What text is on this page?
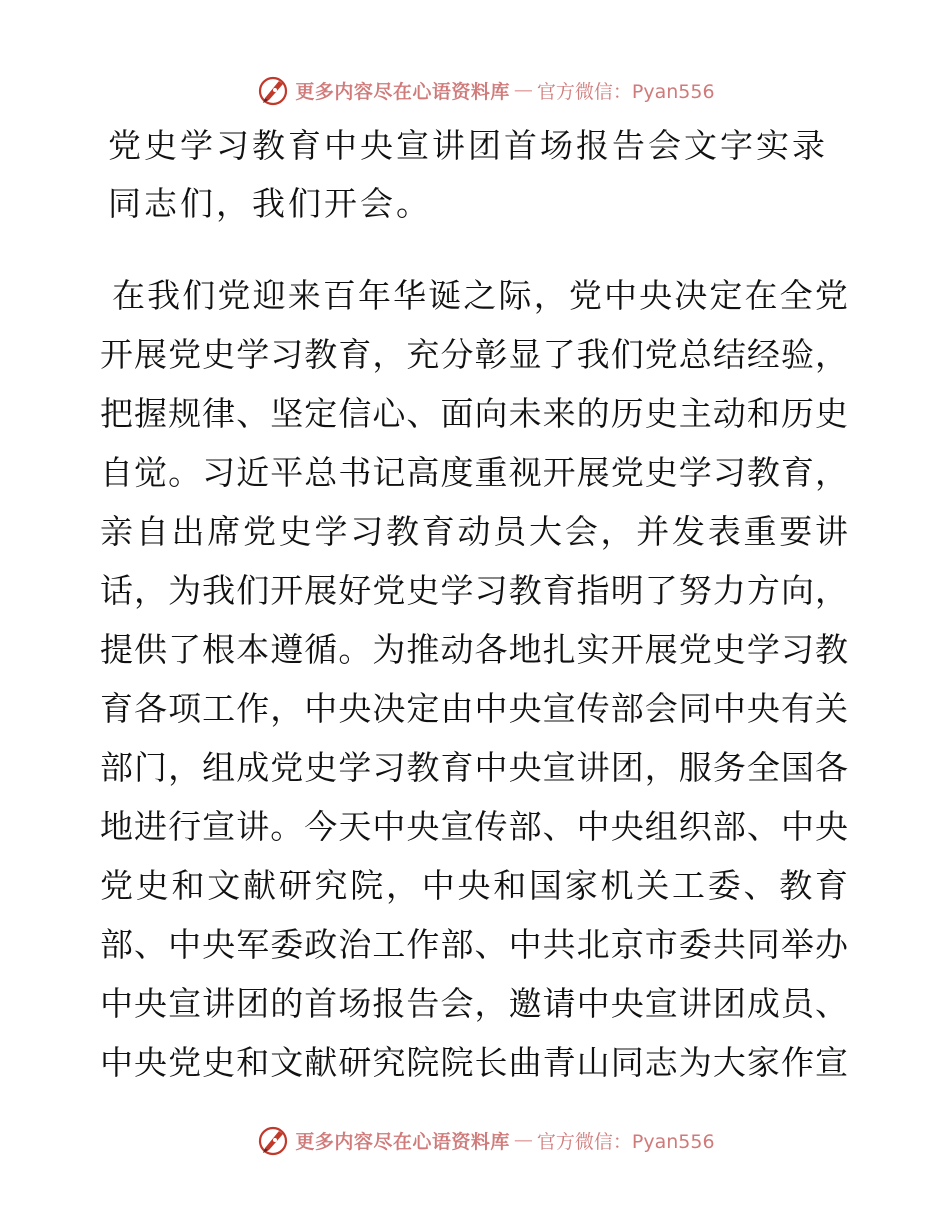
更多内容尽在心语资料库 — 官方微信：Pyan556
党史学习教育中央宣讲团首场报告会文字实录
同志们，我们开会。
在 我 们 党 迎 来 百 年 华 诞 之 际 ， 党 中 央 决 定 在 全 党
开 展 党 史 学 习 教 育 ， 充 分 彰 显 了 我 们 党 总 结 经 验 ，
把 握 规 律 、 坚 定 信 心 、 面 向 未 来 的 历 史 主 动 和 历 史
自 觉 。 习 近 平 总 书 记 高 度 重 视 开 展 党 史 学 习 教 育 ，
亲 自 出 席 党 史 学 习 教 育 动 员 大 会 ， 并 发 表 重 要 讲
话 ， 为 我 们 开 展 好 党 史 学 习 教 育 指 明 了 努 力 方 向 ，
提 供 了 根 本 遵 循 。 为 推 动 各 地 扎 实 开 展 党 史 学 习 教
育 各 项 工 作 ， 中 央 决 定 由 中 央 宣 传 部 会 同 中 央 有 关
部 门 ， 组 成 党 史 学 习 教 育 中 央 宣 讲 团 ， 服 务 全 国 各
地 进 行 宣 讲 。 今 天 中 央 宣 传 部 、 中 央 组 织 部 、 中 央
党 史 和 文 献 研 究 院 ， 中 央 和 国 家 机 关 工 委 、 教 育
部 、 中 央 军 委 政 治 工 作 部 、 中 共 北 京 市 委 共 同 举 办
中 央 宣 讲 团 的 首 场 报 告 会 ， 邀 请 中 央 宣 讲 团 成 员 、
中 央 党 史 和 文 献 研 究 院 院 长 曲 青 山 同 志 为 大 家 作 宣
更多内容尽在心语资料库 — 官方微信：Pyan556
